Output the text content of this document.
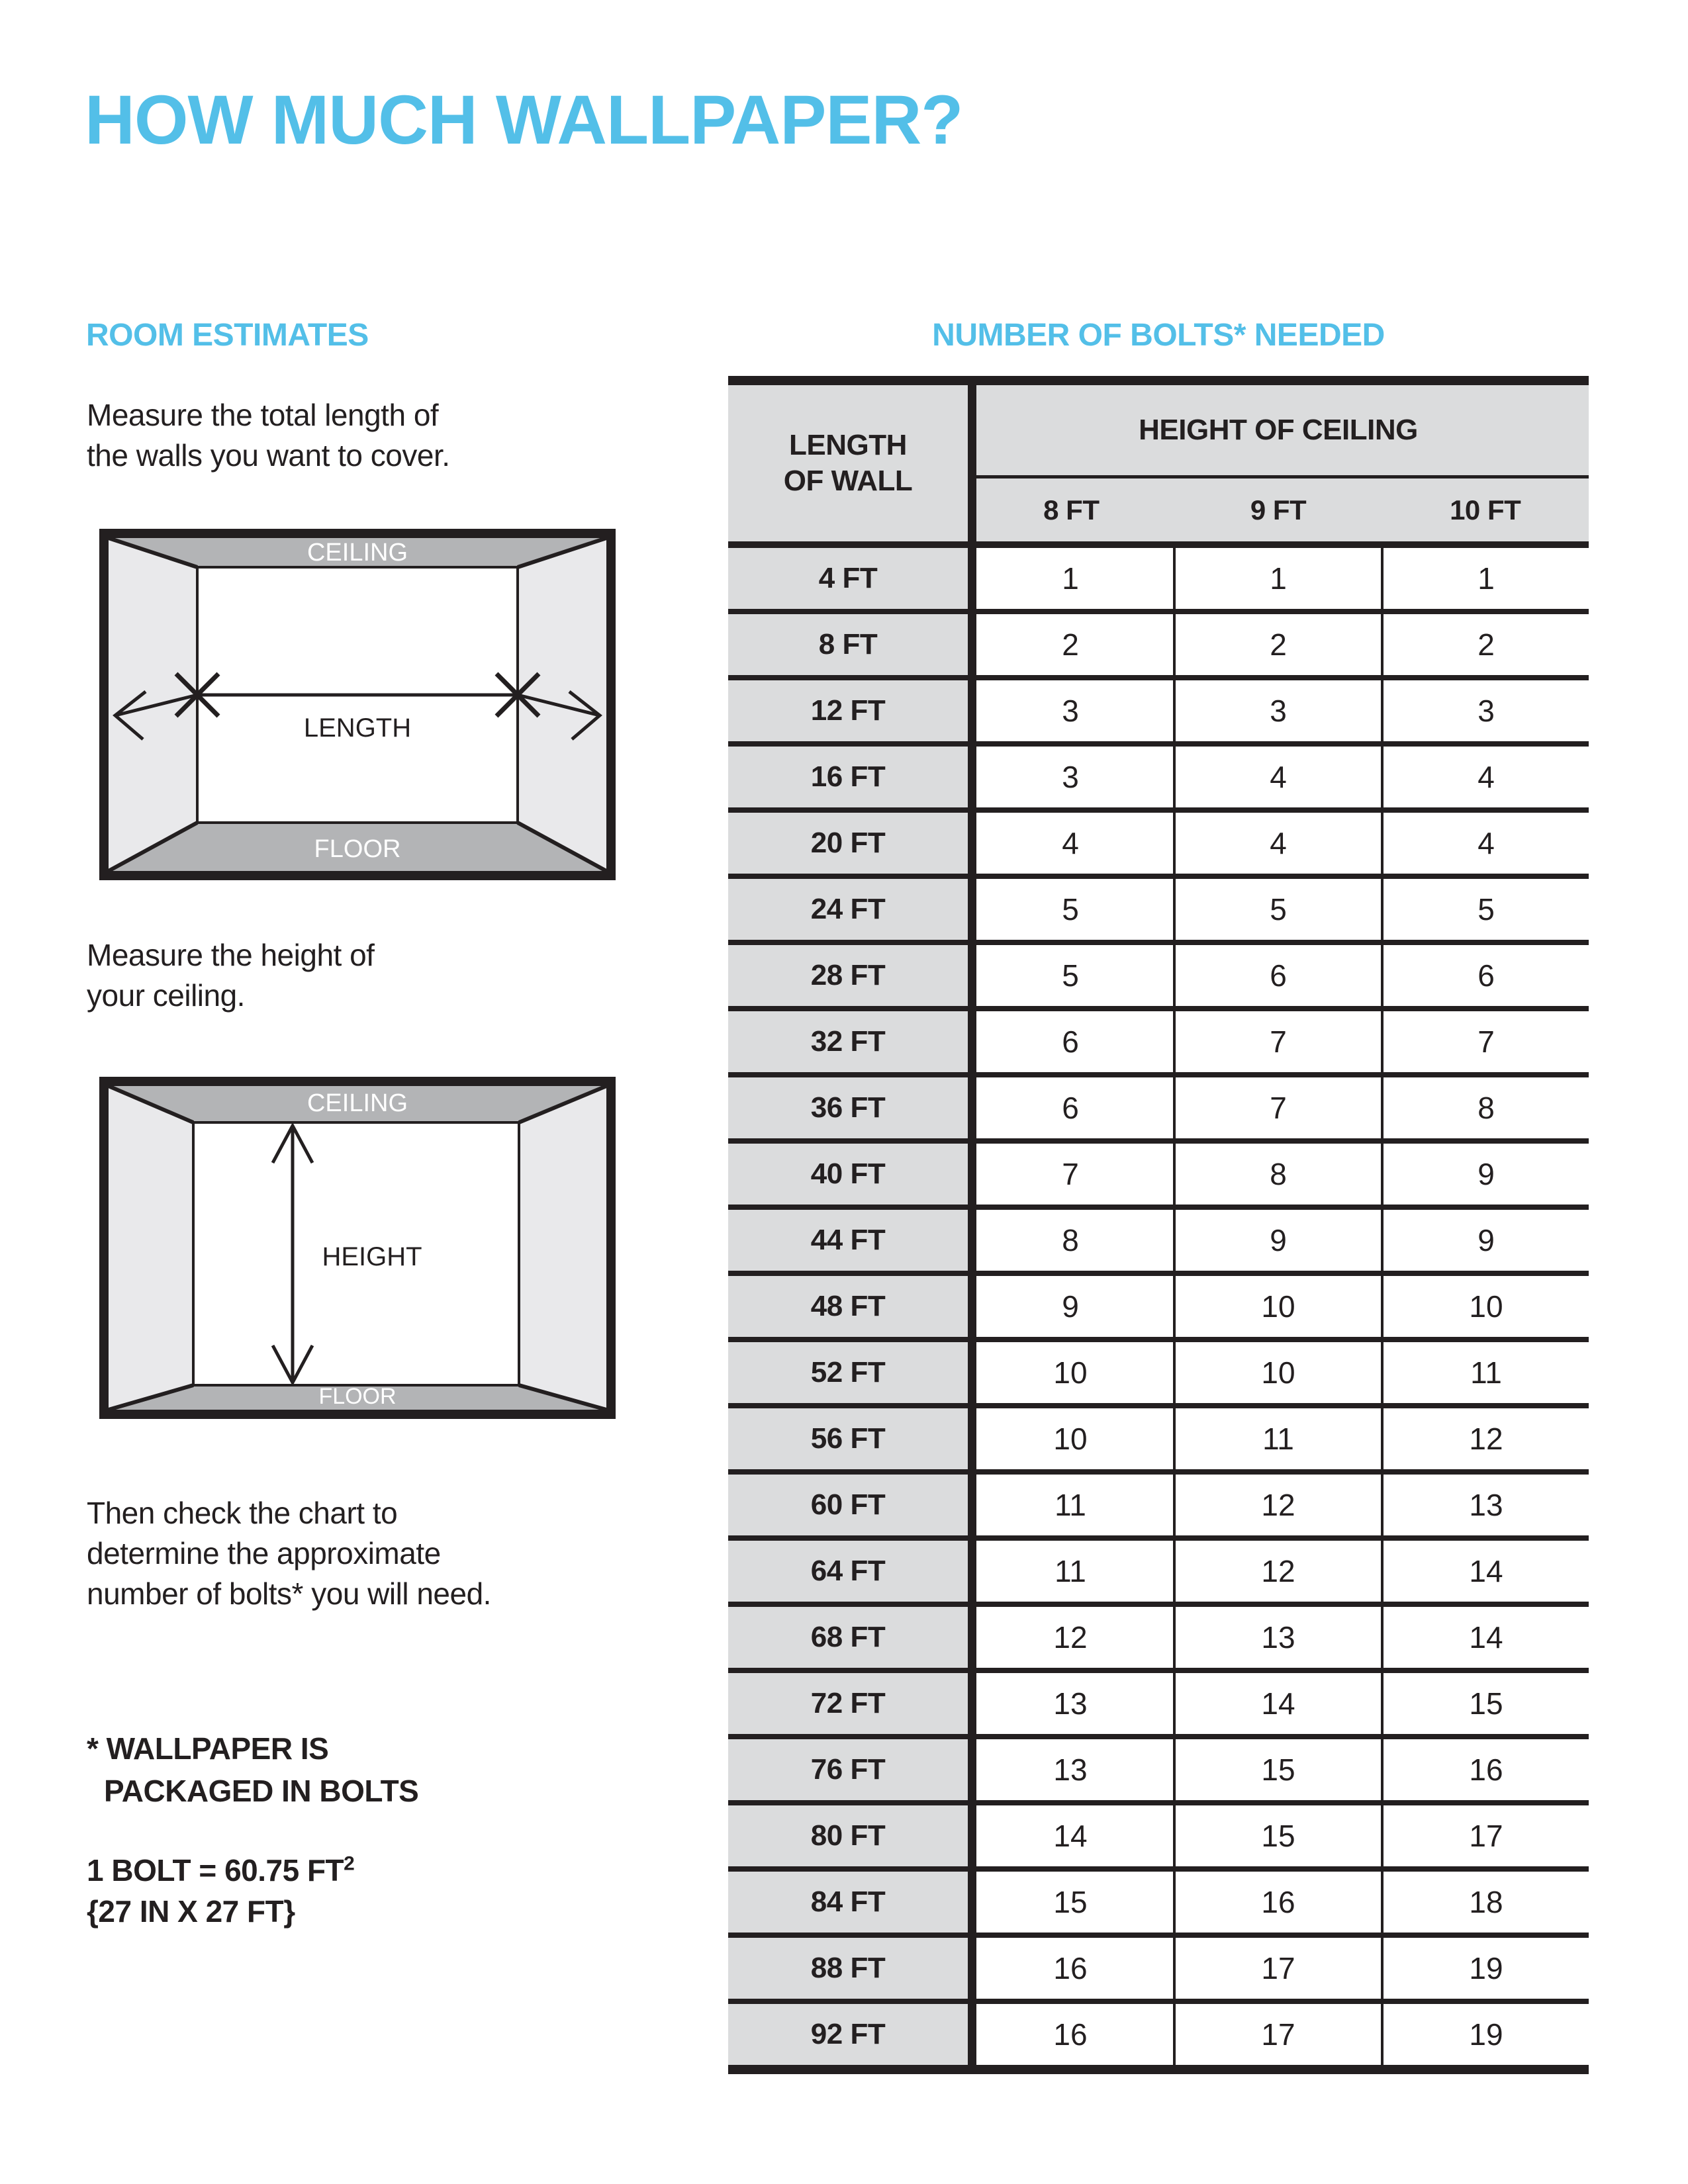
HOW MUCH WALLPAPER?
ROOM ESTIMATES
Measure the total length of
the walls you want to cover.
CEILING
LENGTH
FLOOR
Measure the height of
your ceiling.
CEILING
HEIGHT
FLOOR
Then check the chart to
determine the approximate
number of bolts* you will need.
* WALLPAPER IS
PACKAGED IN BOLTS
1 BOLT = 60.75 $FT^2$
{27 IN X 27 FT}
NUMBER OF BOLTS* NEEDED
LENGTH
OF WALL
HEIGHT OF CEILING
8 FT	9 FT	10 FT
4 FT	1	1	1
8 FT	2	2	2
12 FT	3	3	3
16 FT	3	4	4
20 FT	4	4	4
24 FT	5	5	5
28 FT	5	6	6
32 FT	6	7	7
36 FT	6	7	8
40 FT	7	8	9
44 FT	8	9	9
48 FT	9	10	10
52 FT	10	10	11
56 FT	10	11	12
60 FT	11	12	13
64 FT	11	12	14
68 FT	12	13	14
72 FT	13	14	15
76 FT	13	15	16
80 FT	14	15	17
84 FT	15	16	18
88 FT	16	17	19
92 FT	16	17	19
